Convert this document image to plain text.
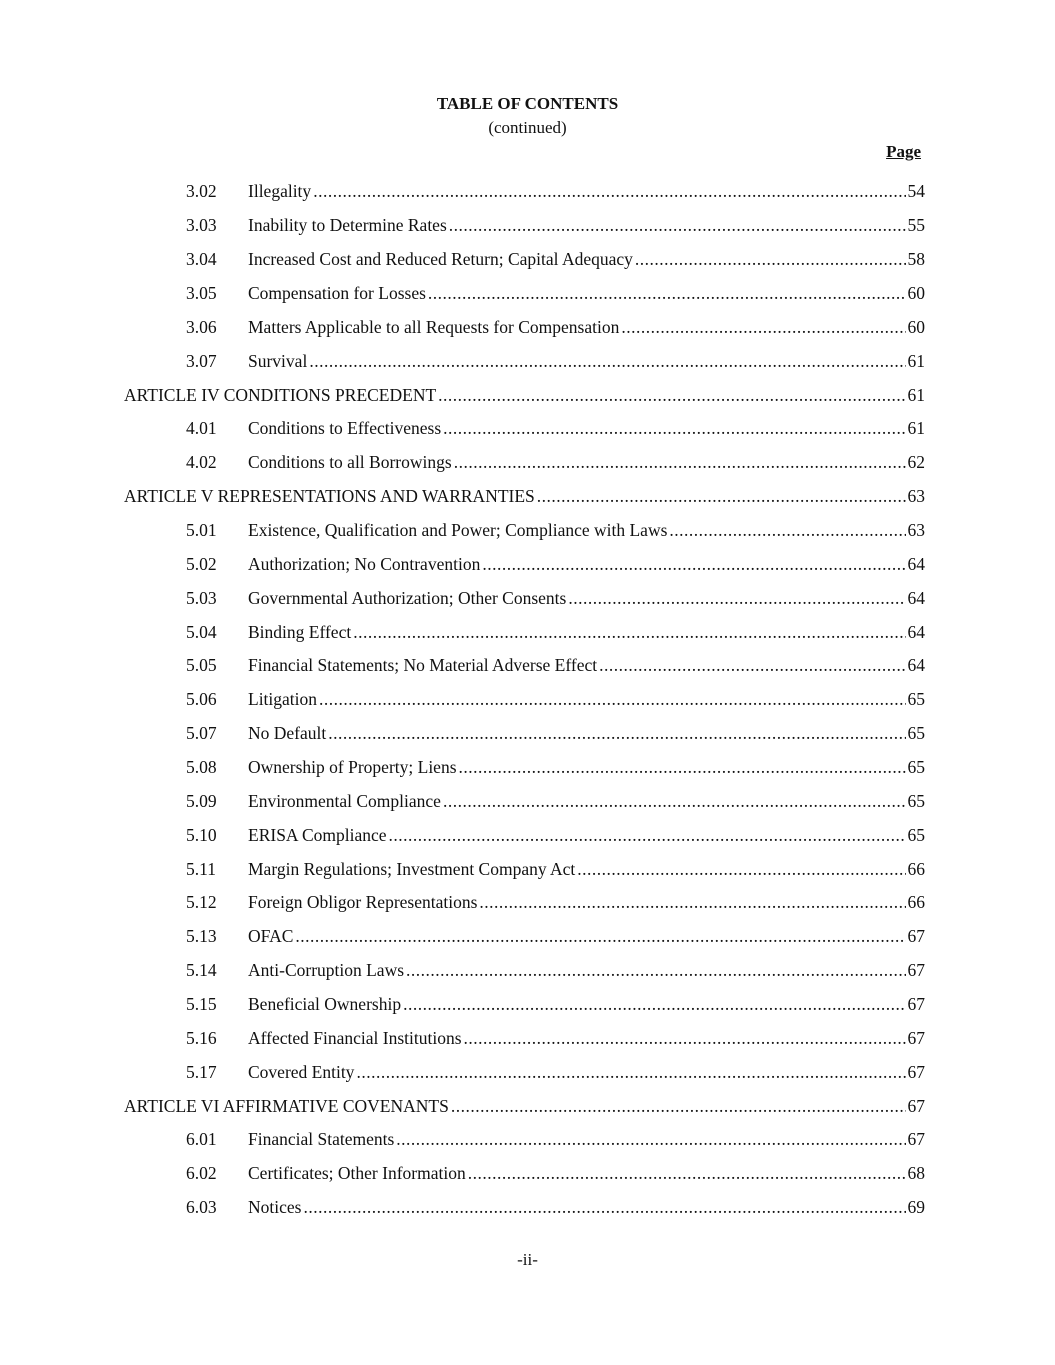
TABLE OF CONTENTS
(continued)
Page
3.02	Illegality .....	54
3.03	Inability to Determine Rates .....	55
3.04	Increased Cost and Reduced Return; Capital Adequacy .....	58
3.05	Compensation for Losses .....	60
3.06	Matters Applicable to all Requests for Compensation .....	60
3.07	Survival .....	61
ARTICLE IV CONDITIONS PRECEDENT .....	61
4.01	Conditions to Effectiveness .....	61
4.02	Conditions to all Borrowings .....	62
ARTICLE V REPRESENTATIONS AND WARRANTIES .....	63
5.01	Existence, Qualification and Power; Compliance with Laws .....	63
5.02	Authorization; No Contravention .....	64
5.03	Governmental Authorization; Other Consents .....	64
5.04	Binding Effect .....	64
5.05	Financial Statements; No Material Adverse Effect .....	64
5.06	Litigation .....	65
5.07	No Default .....	65
5.08	Ownership of Property; Liens .....	65
5.09	Environmental Compliance .....	65
5.10	ERISA Compliance .....	65
5.11	Margin Regulations; Investment Company Act .....	66
5.12	Foreign Obligor Representations .....	66
5.13	OFAC .....	67
5.14	Anti-Corruption Laws .....	67
5.15	Beneficial Ownership .....	67
5.16	Affected Financial Institutions .....	67
5.17	Covered Entity .....	67
ARTICLE VI AFFIRMATIVE COVENANTS .....	67
6.01	Financial Statements .....	67
6.02	Certificates; Other Information .....	68
6.03	Notices .....	69
-ii-
